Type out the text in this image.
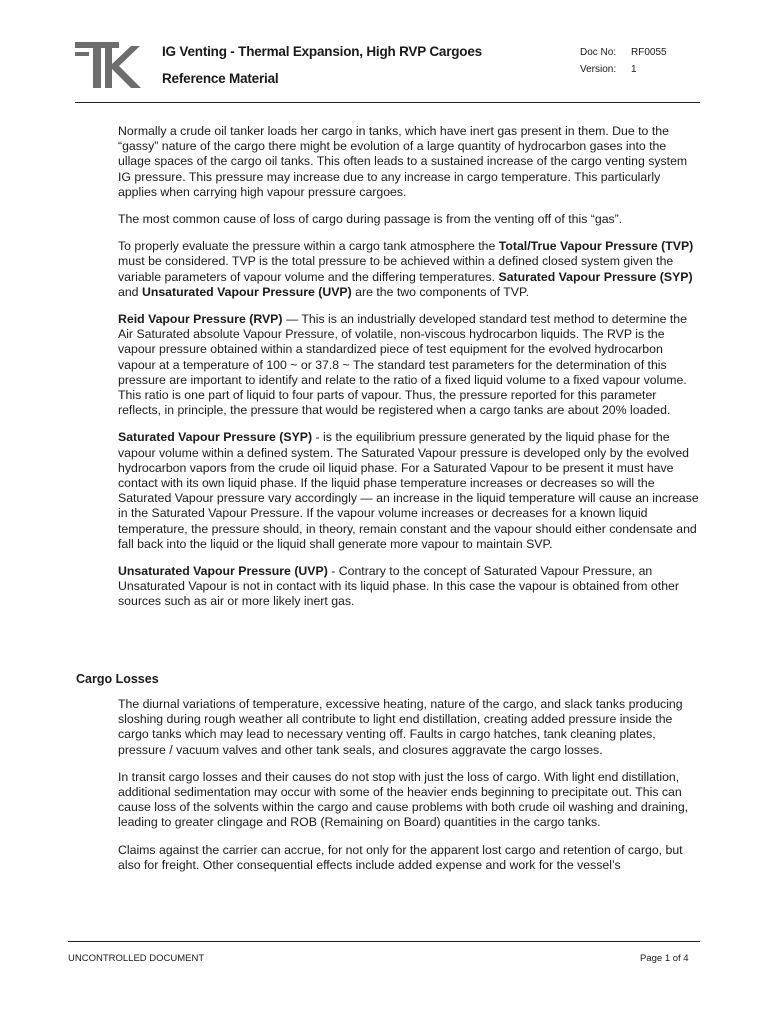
IG Venting - Thermal Expansion, High RVP Cargoes
Reference Material
Doc No:
Version:
RF0055
1

Normally a crude oil tanker loads her cargo in tanks, which have inert gas present in them. Due to the “gassy” nature of the cargo there might be evolution of a large quantity of hydrocarbon gases into the ullage spaces of the cargo oil tanks. This often leads to a sustained increase of the cargo venting system IG pressure. This pressure may increase due to any increase in cargo temperature. This particularly applies when carrying high vapour pressure cargoes.

The most common cause of loss of cargo during passage is from the venting off of this “gas”.

To properly evaluate the pressure within a cargo tank atmosphere the Total/True Vapour Pressure (TVP) must be considered. TVP is the total pressure to be achieved within a defined closed system given the variable parameters of vapour volume and the differing temperatures. Saturated Vapour Pressure (SYP) and Unsaturated Vapour Pressure (UVP) are the two components of TVP.

Reid Vapour Pressure (RVP) — This is an industrially developed standard test method to determine the Air Saturated absolute Vapour Pressure, of volatile, non-viscous hydrocarbon liquids. The RVP is the vapour pressure obtained within a standardized piece of test equipment for the evolved hydrocarbon vapour at a temperature of 100 ~ or 37.8 ~ The standard test parameters for the determination of this pressure are important to identify and relate to the ratio of a fixed liquid volume to a fixed vapour volume. This ratio is one part of liquid to four parts of vapour. Thus, the pressure reported for this parameter reflects, in principle, the pressure that would be registered when a cargo tanks are about 20% loaded.

Saturated Vapour Pressure (SYP) - is the equilibrium pressure generated by the liquid phase for the vapour volume within a defined system. The Saturated Vapour pressure is developed only by the evolved hydrocarbon vapors from the crude oil liquid phase. For a Saturated Vapour to be present it must have contact with its own liquid phase. If the liquid phase temperature increases or decreases so will the Saturated Vapour pressure vary accordingly — an increase in the liquid temperature will cause an increase in the Saturated Vapour Pressure. If the vapour volume increases or decreases for a known liquid temperature, the pressure should, in theory, remain constant and the vapour should either condensate and fall back into the liquid or the liquid shall generate more vapour to maintain SVP.

Unsaturated Vapour Pressure (UVP) - Contrary to the concept of Saturated Vapour Pressure, an Unsaturated Vapour is not in contact with its liquid phase. In this case the vapour is obtained from other sources such as air or more likely inert gas.

Cargo Losses

The diurnal variations of temperature, excessive heating, nature of the cargo, and slack tanks producing sloshing during rough weather all contribute to light end distillation, creating added pressure inside the cargo tanks which may lead to necessary venting off. Faults in cargo hatches, tank cleaning plates, pressure / vacuum valves and other tank seals, and closures aggravate the cargo losses.

In transit cargo losses and their causes do not stop with just the loss of cargo. With light end distillation, additional sedimentation may occur with some of the heavier ends beginning to precipitate out. This can cause loss of the solvents within the cargo and cause problems with both crude oil washing and draining, leading to greater clingage and ROB (Remaining on Board) quantities in the cargo tanks.

Claims against the carrier can accrue, for not only for the apparent lost cargo and retention of cargo, but also for freight. Other consequential effects include added expense and work for the vessel’s

UNCONTROLLED DOCUMENT	Page 1 of 4
